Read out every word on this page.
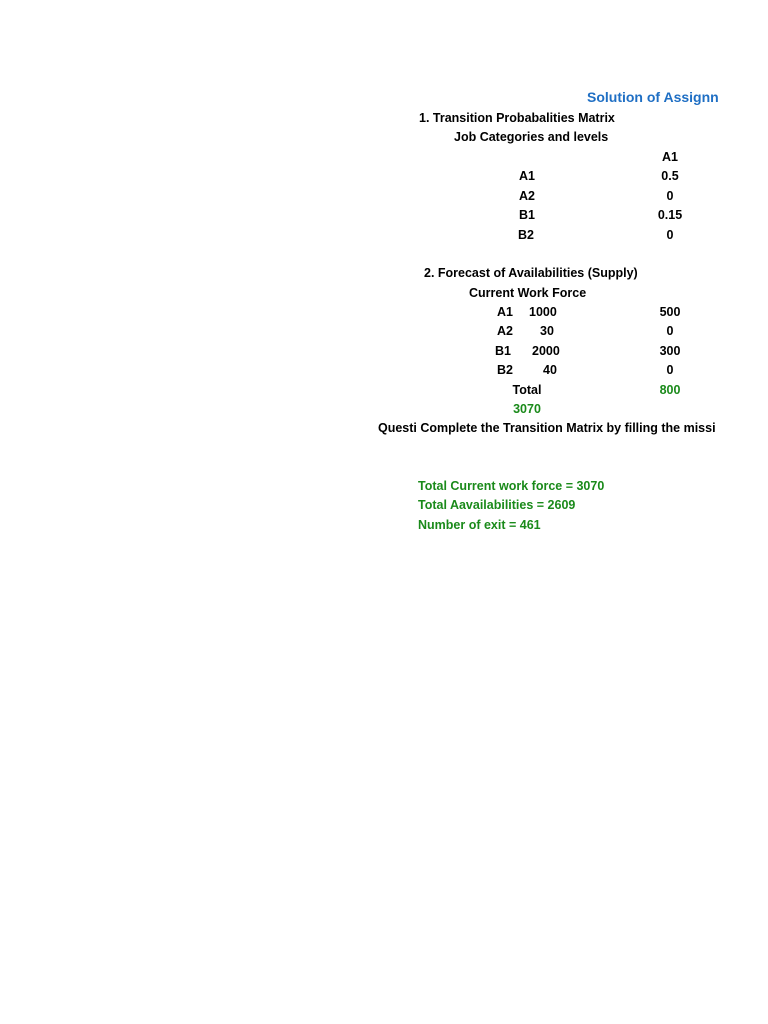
Solution of Assignn
1. Transition Probabalities Matrix
Job Categories and levels
A1
A1	0.5
A2	0
B1	0.15
B2	0
2. Forecast of Availabilities (Supply)
Current Work Force
A1 1000	500
A2 30	0
B1 2000	300
B2 40	0
Total	800
3070
Questi Complete the Transition Matrix by filling the missi
Total Current work force = 3070
Total Aavailabilities = 2609
Number of exit = 461
